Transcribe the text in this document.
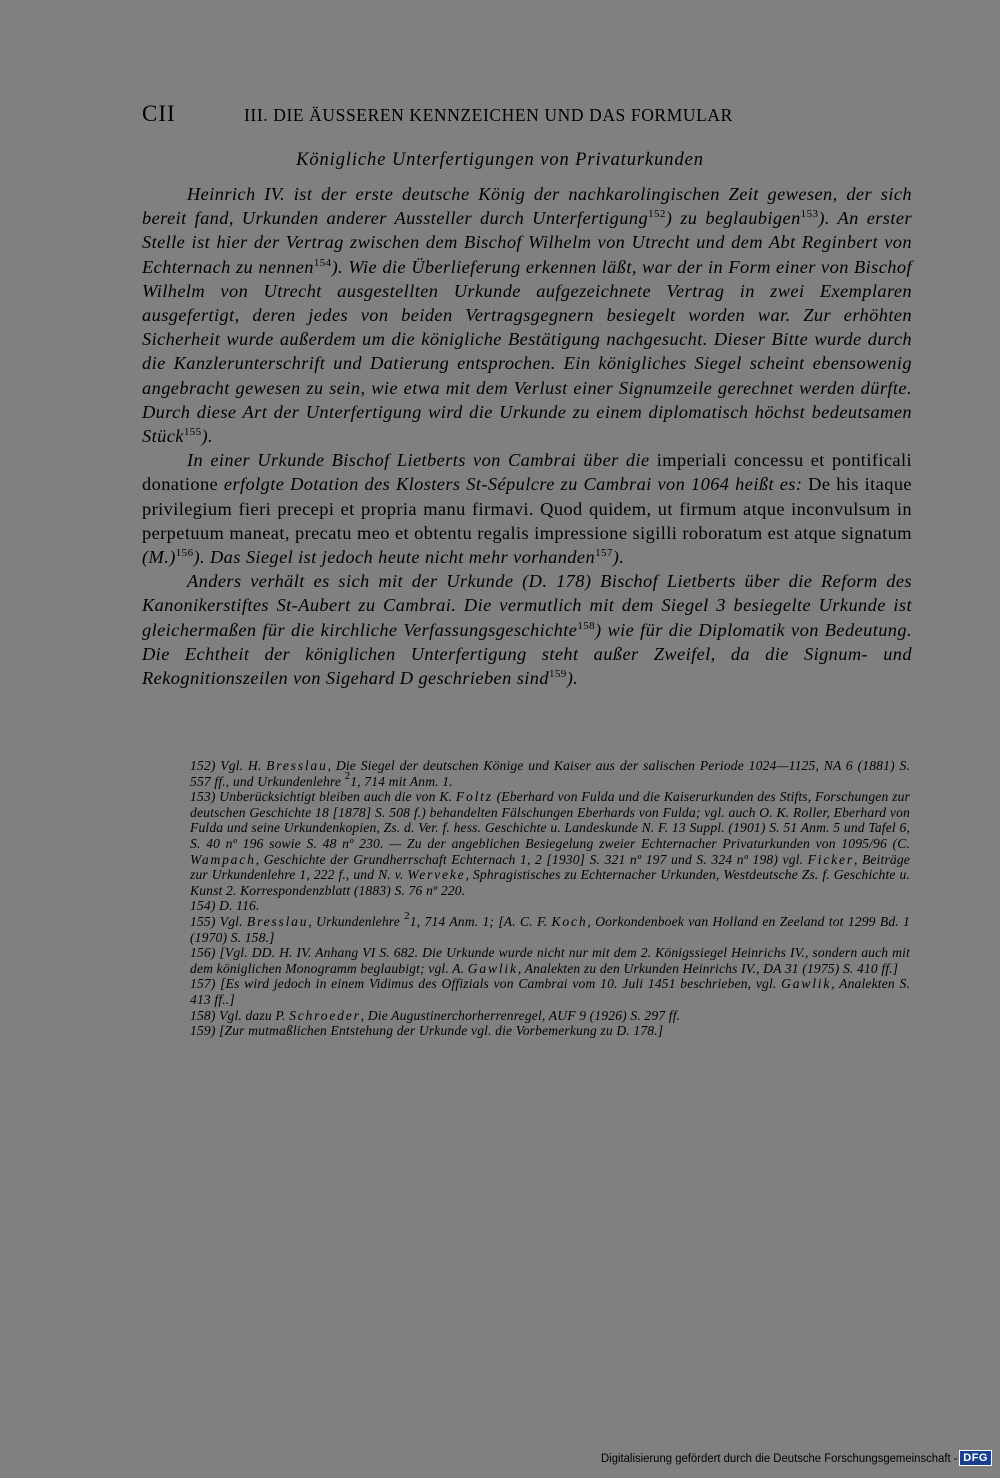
CII	III. DIE ÄUSSEREN KENNZEICHEN UND DAS FORMULAR
Königliche Unterfertigungen von Privaturkunden

Heinrich IV. ist der erste deutsche König der nachkarolingischen Zeit gewesen, der sich bereit fand, Urkunden anderer Aussteller durch Unterfertigung$^{152}$) zu beglaubigen$^{153}$). An erster Stelle ist hier der Vertrag zwischen dem Bischof Wilhelm von Utrecht und dem Abt Reginbert von Echternach zu nennen$^{154}$). Wie die Überlieferung erkennen läßt, war der in Form einer von Bischof Wilhelm von Utrecht ausgestellten Urkunde aufgezeichnete Vertrag in zwei Exemplaren ausgefertigt, deren jedes von beiden Vertragsgegnern besiegelt worden war. Zur erhöhten Sicherheit wurde außerdem um die königliche Bestätigung nachgesucht. Dieser Bitte wurde durch die Kanzlerunterschrift und Datierung entsprochen. Ein königliches Siegel scheint ebensowenig angebracht gewesen zu sein, wie etwa mit dem Verlust einer Signumzeile gerechnet werden dürfte. Durch diese Art der Unterfertigung wird die Urkunde zu einem diplomatisch höchst bedeutsamen Stück$^{155}$).

In einer Urkunde Bischof Lietberts von Cambrai über die imperiali concessu et pontificali donatione erfolgte Dotation des Klosters St-Sépulcre zu Cambrai von 1064 heißt es: De his itaque privilegium fieri precepi et propria manu firmavi. Quod quidem, ut firmum atque inconvulsum in perpetuum maneat, precatu meo et obtentu regalis impressione sigilli roboratum est atque signatum $(M.)^{156}$). Das Siegel ist jedoch heute nicht mehr vorhanden$^{157}$).

Anders verhält es sich mit der Urkunde (D. 178) Bischof Lietberts über die Reform des Kanonikerstiftes St-Aubert zu Cambrai. Die vermutlich mit dem Siegel 3 besiegelte Urkunde ist gleichermaßen für die kirchliche Verfassungsgeschichte$^{158}$) wie für die Diplomatik von Bedeutung. Die Echtheit der königlichen Unterfertigung steht außer Zweifel, da die Signum- und Rekognitionszeilen von Sigehard D geschrieben sind$^{159}$).

152) Vgl. H. Bresslau, Die Siegel der deutschen Könige und Kaiser aus der salischen Periode 1024—1125, NA 6 (1881) S. 557 ff., und Urkundenlehre $^2$1, 714 mit Anm. 1.

153) Unberücksichtigt bleiben auch die von K. Foltz (Eberhard von Fulda und die Kaiserurkunden des Stifts, Forschungen zur deutschen Geschichte 18 [1878] S. 508 f.) behandelten Fälschungen Eberhards von Fulda; vgl. auch O. K. Roller, Eberhard von Fulda und seine Urkundenkopien, Zs. d. Ver. f. hess. Geschichte u. Landeskunde N. F. 13 Suppl. (1901) S. 51 Anm. 5 und Tafel 6, S. 40 nº 196 sowie S. 48 nº 230. — Zu der angeblichen Besiegelung zweier Echternacher Privaturkunden von 1095/96 (C. Wampach, Geschichte der Grundherrschaft Echternach 1, 2 [1930] S. 321 nº 197 und S. 324 nº 198) vgl. Ficker, Beiträge zur Urkundenlehre 1, 222 f., und N. v. Werveke, Sphragistisches zu Echternacher Urkunden, Westdeutsche Zs. f. Geschichte u. Kunst 2. Korrespondenzblatt (1883) S. 76 nº 220.

154) D. 116.

155) Vgl. Bresslau, Urkundenlehre $^2$1, 714 Anm. 1; [A. C. F. Koch, Oorkondenboek van Holland en Zeeland tot 1299 Bd. 1 (1970) S. 158.]

156) [Vgl. DD. H. IV. Anhang VI S. 682. Die Urkunde wurde nicht nur mit dem 2. Königssiegel Heinrichs IV., sondern auch mit dem königlichen Monogramm beglaubigt; vgl. A. Gawlik, Analekten zu den Urkunden Heinrichs IV., DA 31 (1975) S. 410 ff.]

157) [Es wird jedoch in einem Vidimus des Offizials von Cambrai vom 10. Juli 1451 beschrieben, vgl. Gawlik, Analekten S. 413 ff..]

158) Vgl. dazu P. Schroeder, Die Augustinerchorherrenregel, AUF 9 (1926) S. 297 ff.

159) [Zur mutmaßlichen Entstehung der Urkunde vgl. die Vorbemerkung zu D. 178.]

Digitalisierung gefördert durch die Deutsche Forschungsgemeinschaft - DFG
